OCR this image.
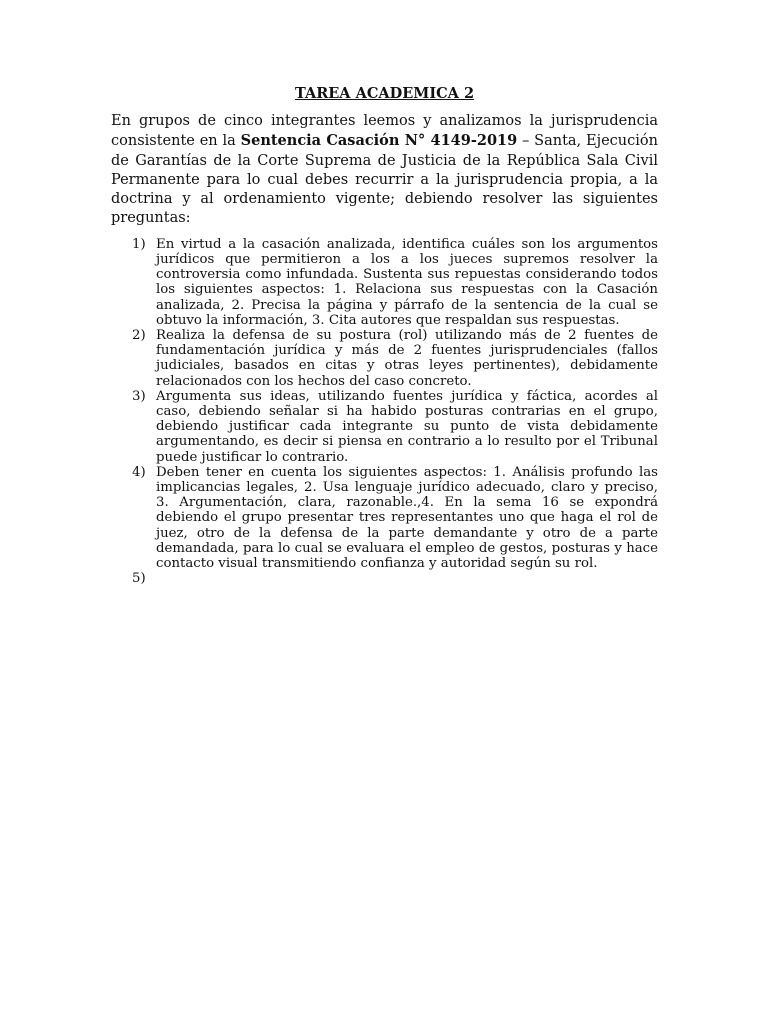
TAREA ACADEMICA 2

En grupos de cinco integrantes leemos y analizamos la jurisprudencia consistente en la Sentencia Casación N° 4149-2019 – Santa, Ejecución de Garantías de la Corte Suprema de Justicia de la República Sala Civil Permanente para lo cual debes recurrir a la jurisprudencia propia, a la doctrina y al ordenamiento vigente; debiendo resolver las siguientes preguntas:

1) En virtud a la casación analizada, identifica cuáles son los argumentos jurídicos que permitieron a los a los jueces supremos resolver la controversia como infundada. Sustenta sus repuestas considerando todos los siguientes aspectos: 1. Relaciona sus respuestas con la Casación analizada, 2. Precisa la página y párrafo de la sentencia de la cual se obtuvo la información, 3. Cita autores que respaldan sus respuestas.
2) Realiza la defensa de su postura (rol) utilizando más de 2 fuentes de fundamentación jurídica y más de 2 fuentes jurisprudenciales (fallos judiciales, basados en citas y otras leyes pertinentes), debidamente relacionados con los hechos del caso concreto.
3) Argumenta sus ideas, utilizando fuentes jurídica y fáctica, acordes al caso, debiendo señalar si ha habido posturas contrarias en el grupo, debiendo justificar cada integrante su punto de vista debidamente argumentando, es decir si piensa en contrario a lo resulto por el Tribunal puede justificar lo contrario.
4) Deben tener en cuenta los siguientes aspectos: 1. Análisis profundo las implicancias legales, 2. Usa lenguaje jurídico adecuado, claro y preciso, 3. Argumentación, clara, razonable.,4. En la sema 16 se expondrá debiendo el grupo presentar tres representantes uno que haga el rol de juez, otro de la defensa de la parte demandante y otro de a parte demandada, para lo cual se evaluara el empleo de gestos, posturas y hace contacto visual transmitiendo confianza y autoridad según su rol.
5)
